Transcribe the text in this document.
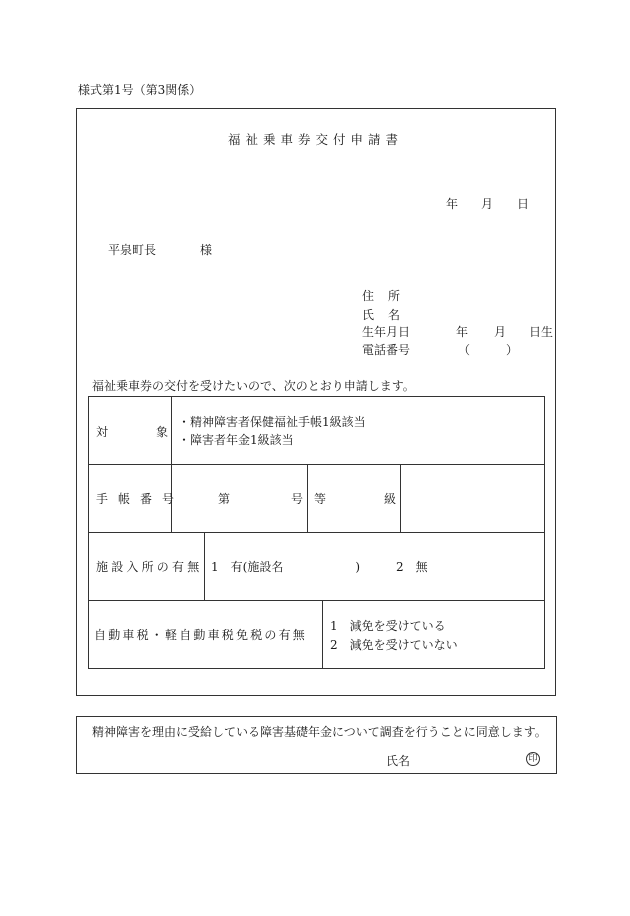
様式第1号（第3関係）
福祉乗車券交付申請書
年 月 日
平泉町長	様
住所
氏名
生年月日	年 月 日生
電話番号	（　　　）
福祉乗車券の交付を受けたいので、次のとおり申請します。
対	象
・精神障害者保健福祉手帳1級該当
・障害者年金1級該当
手帳番号	第	号 等	級
施設入所の有無 1　有(施設名　　　　　　)　　　2　無
自動車税・軽自動車税免税の有無
1　減免を受けている
2　減免を受けていない
精神障害を理由に受給している障害基礎年金について調査を行うことに同意します。
氏名	印
